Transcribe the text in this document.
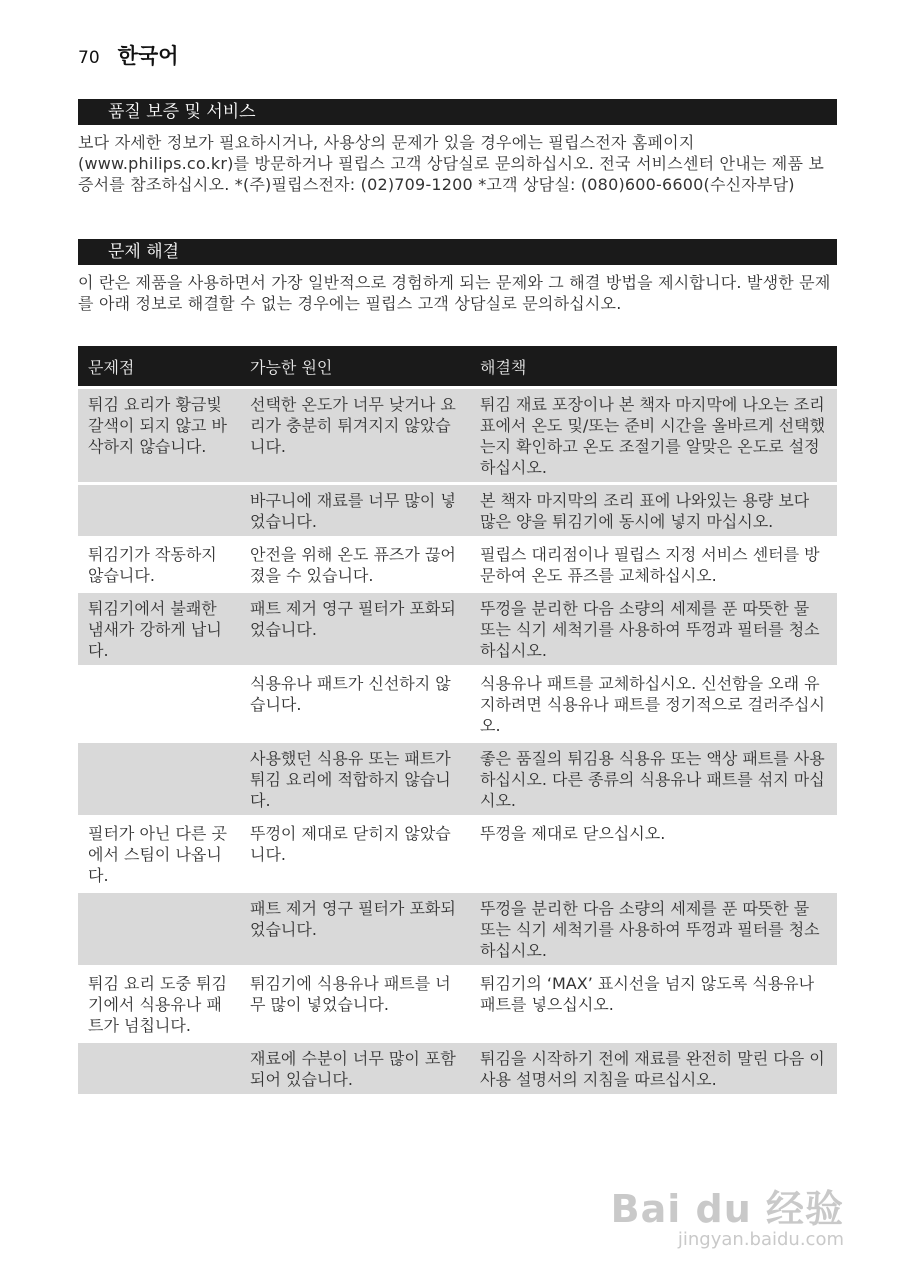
70 한국어
품질 보증 및 서비스

보다 자세한 정보가 필요하시거나, 사용상의 문제가 있을 경우에는 필립스전자 홈페이지(www.philips.co.kr)를 방문하거나 필립스 고객 상담실로 문의하십시오. 전국 서비스센터 안내는 제품 보증서를 참조하십시오. *(주)필립스전자: (02)709-1200 *고객 상담실: (080)600-6600(수신자부담)

문제 해결

이 란은 제품을 사용하면서 가장 일반적으로 경험하게 되는 문제와 그 해결 방법을 제시합니다. 발생한 문제를 아래 정보로 해결할 수 없는 경우에는 필립스 고객 상담실로 문의하십시오.

문제점	가능한 원인	해결책
튀김 요리가 황금빛 갈색이 되지 않고 바삭하지 않습니다.	선택한 온도가 너무 낮거나 요리가 충분히 튀겨지지 않았습니다.	튀김 재료 포장이나 본 책자 마지막에 나오는 조리 표에서 온도 및/또는 준비 시간을 올바르게 선택했는지 확인하고 온도 조절기를 알맞은 온도로 설정하십시오.
	바구니에 재료를 너무 많이 넣었습니다.	본 책자 마지막의 조리 표에 나와있는 용량 보다 많은 양을 튀김기에 동시에 넣지 마십시오.
튀김기가 작동하지 않습니다.	안전을 위해 온도 퓨즈가 끊어졌을 수 있습니다.	필립스 대리점이나 필립스 지정 서비스 센터를 방문하여 온도 퓨즈를 교체하십시오.
튀김기에서 불쾌한 냄새가 강하게 납니다.	패트 제거 영구 필터가 포화되었습니다.	뚜껑을 분리한 다음 소량의 세제를 푼 따뜻한 물 또는 식기 세척기를 사용하여 뚜껑과 필터를 청소하십시오.
	식용유나 패트가 신선하지 않습니다.	식용유나 패트를 교체하십시오. 신선함을 오래 유지하려면 식용유나 패트를 정기적으로 걸러주십시오.
	사용했던 식용유 또는 패트가 튀김 요리에 적합하지 않습니다.	좋은 품질의 튀김용 식용유 또는 액상 패트를 사용하십시오. 다른 종류의 식용유나 패트를 섞지 마십시오.
필터가 아닌 다른 곳에서 스팀이 나옵니다.	뚜껑이 제대로 닫히지 않았습니다.	뚜껑을 제대로 닫으십시오.
	패트 제거 영구 필터가 포화되었습니다.	뚜껑을 분리한 다음 소량의 세제를 푼 따뜻한 물 또는 식기 세척기를 사용하여 뚜껑과 필터를 청소하십시오.
튀김 요리 도중 튀김기에서 식용유나 패트가 넘칩니다.	튀김기에 식용유나 패트를 너무 많이 넣었습니다.	튀김기의 ‘MAX’ 표시선을 넘지 않도록 식용유나 패트를 넣으십시오.
	재료에 수분이 너무 많이 포함되어 있습니다.	튀김을 시작하기 전에 재료를 완전히 말린 다음 이 사용 설명서의 지침을 따르십시오.
Bai du 经验
jingyan.baidu.com
